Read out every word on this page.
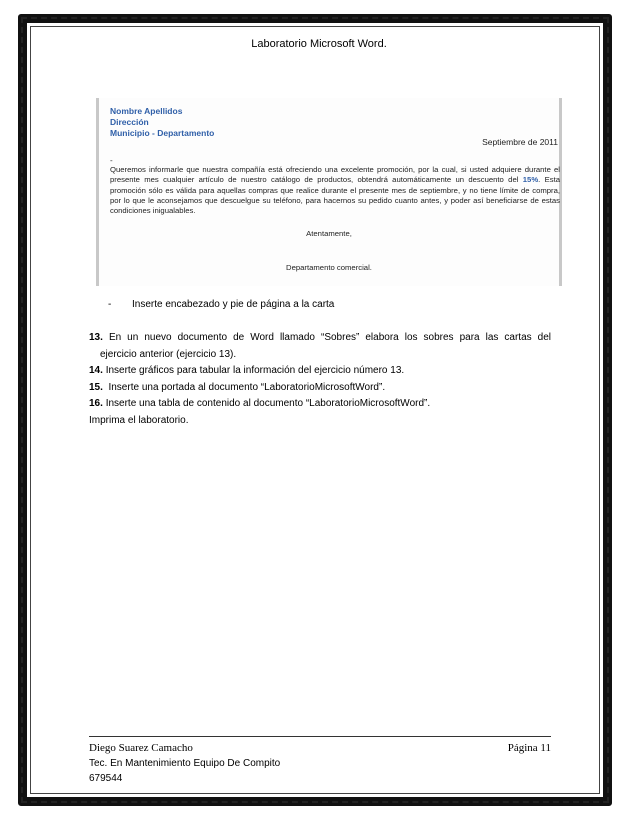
Laboratorio Microsoft Word.
Nombre Apellidos
Dirección
Municipio - Departamento
Septiembre de 2011
-
Queremos informarle que nuestra compañía está ofreciendo una excelente promoción, por la cual, si usted adquiere durante el presente mes cualquier artículo de nuestro catálogo de productos, obtendrá automáticamente un descuento del 15%. Esta promoción sólo es válida para aquellas compras que realice durante el presente mes de septiembre, y no tiene límite de compra, por lo que le aconsejamos que descuelgue su teléfono, para hacernos su pedido cuanto antes, y poder así beneficiarse de estas condiciones inigualables.
Atentamente,
Departamento comercial.
- Inserte encabezado y pie de página a la carta

13. En un nuevo documento de Word llamado “Sobres” elabora los sobres para las cartas del

ejercicio anterior (ejercicio 13).

14. Inserte gráficos para tabular la información del ejercicio número 13.

15. Inserte una portada al documento “LaboratorioMicrosoftWord”.

16. Inserte una tabla de contenido al documento “LaboratorioMicrosoftWord”.

Imprima el laboratorio.

Diego Suarez Camacho	Página 11
Tec. En Mantenimiento Equipo De Compito
679544
